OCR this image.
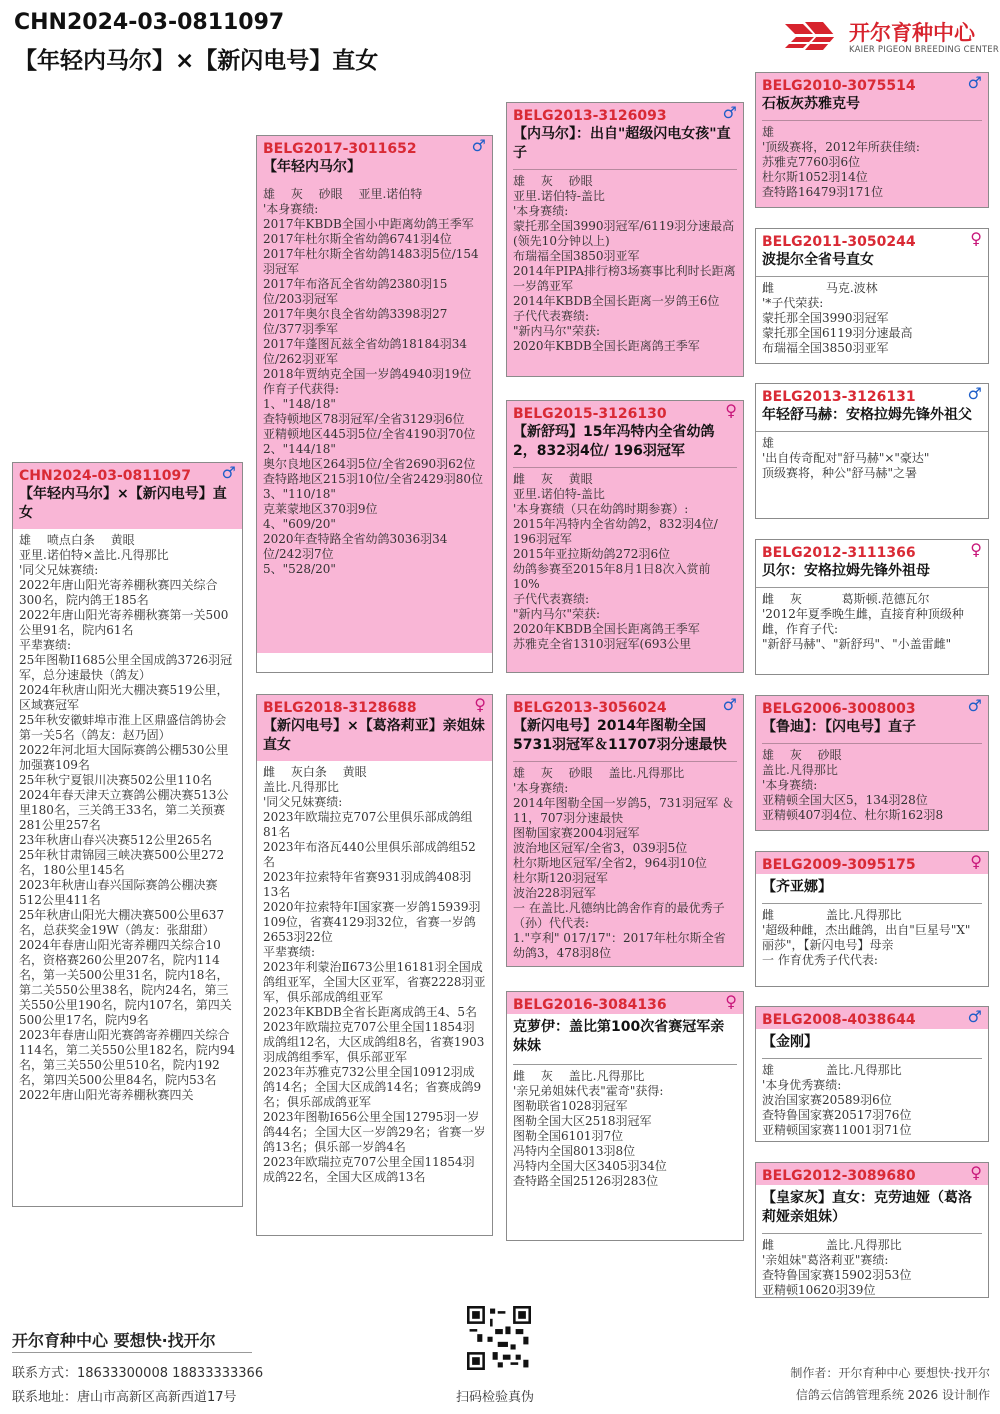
CHN2024-03-0811097
【年轻内马尔】×【新闪电号】直女
开尔育种中心
KAIER PIGEON BREEDING CENTER
CHN2024-03-0811097	♂
【年轻内马尔】×【新闪电号】直女
雄　 喷点白条　 黄眼
亚里.诺伯特×盖比.凡得那比
'同父兄妹赛绩:
2022年唐山阳光寄养棚秋赛四关综合300名，院内鸽王185名
2022年唐山阳光寄养棚秋赛第一关500公里91名，院内61名
平辈赛绩:
25年图勒I1685公里全国成鸽3726羽冠军，总分速最快（鸽友）
2024年秋唐山阳光大棚决赛519公里，区域赛冠军
25年秋安徽蚌埠市淮上区鼎盛信鸽协会第一关5名（鸽友：赵乃固）
2022年河北垣大国际赛鸽公棚530公里加强赛109名
25年秋宁夏银川决赛502公里110名
2024年春天津天立赛鸽公棚决赛513公里180名，三关鸽王33名，第二关预赛281公里257名
23年秋唐山春兴决赛512公里265名
25年秋甘肃锦园三峡决赛500公里272名，180公里145名
2023年秋唐山春兴国际赛鸽公棚决赛512公里411名
25年秋唐山阳光大棚决赛500公里637名，总获奖金19W（鸽友：张甜甜）
2024年春唐山阳光寄养棚四关综合10名，资格赛260公里207名，院内114名，第一关500公里31名，院内18名，第二关550公里38名，院内24名，第三关550公里190名，院内107名，第四关500公里17名，院内9名
2023年春唐山阳光赛鸽寄养棚四关综合114名，第二关550公里182名，院内94名，第三关550公里510名，院内192名，第四关500公里84名，院内53名
2022年唐山阳光寄养棚秋赛四关
BELG2017-3011652	♂
【年轻内马尔】
雄　 灰　 砂眼　 亚里.诺伯特
'本身赛绩:
2017年KBDB全国小中距离幼鸽王季军
2017年杜尔斯全省幼鸽6741羽4位
2017年杜尔斯全省幼鸽1483羽5位/154羽冠军
2017年布洛瓦全省幼鸽2380羽15位/203羽冠军
2017年奥尔良全省幼鸽3398羽27位/377羽季军
2017年蓬图瓦兹全省幼鸽18184羽34位/262羽亚军
2018年贾纳克全国一岁鸽4940羽19位
作育子代获得:
1、"148/18"
查特顿地区78羽冠军/全省3129羽6位
亚精顿地区445羽5位/全省4190羽70位
2、"144/18"
奥尔良地区264羽5位/全省2690羽62位
查特路地区215羽10位/全省2429羽80位
3、"110/18"
克莱蒙地区370羽9位
4、"609/20"
2020年查特路全省幼鸽3036羽34位/242羽7位
5、"528/20"
BELG2018-3128688	♀
【新闪电号】×【葛洛莉亚】亲姐妹直女
雌　 灰白条　 黄眼
盖比.凡得那比
'同父兄妹赛绩:
2023年欧瑞拉克707公里俱乐部成鸽组81名
2023年布洛瓦440公里俱乐部成鸽组52名
2023年拉索特年省赛931羽成鸽408羽13名
2020年拉索特年I国家赛一岁鸽15939羽109位，省赛4129羽32位，省赛一岁鸽2653羽22位
平辈赛绩:
2023年利蒙治Ⅱ673公里16181羽全国成鸽组亚军，全国大区亚军，省赛2228羽亚军，俱乐部成鸽组亚军
2023年KBDB全省长距离成鸽王4、5名
2023年欧瑞拉克707公里全国11854羽成鸽组12名，大区成鸽组8名，省赛1903羽成鸽组季军，俱乐部亚军
2023年苏雅克732公里全国10912羽成鸽14名；全国大区成鸽14名；省赛成鸽9名；俱乐部成鸽亚军
2023年图勒I656公里全国12795羽一岁鸽44名；全国大区一岁鸽29名；省赛一岁鸽13名；俱乐部一岁鸽4名
2023年欧瑞拉克707公里全国11854羽成鸽22名，全国大区成鸽13名
BELG2013-3126093	♂
【内马尔】：出自"超级闪电女孩"直子
雄　 灰　 砂眼
亚里.诺伯特-盖比
'本身赛绩:
蒙托那全国3990羽冠军/6119羽分速最高(领先10分钟以上)
布瑞福全国3850羽亚军
2014年PIPA排行榜3场赛事比利时长距离一岁鸽亚军
2014年KBDB全国长距离一岁鸽王6位
子代代表赛绩:
"新内马尔"荣获:
2020年KBDB全国长距离鸽王季军
BELG2015-3126130	♀
【新舒玛】15年冯特内全省幼鸽2，832羽4位/ 196羽冠军
雌　 灰　 黄眼
亚里.诺伯特-盖比
'本身赛绩（只在幼鸽时期参赛）:
2015年冯特内全省幼鸽2，832羽4位/ 196羽冠军
2015年亚拉斯幼鸽272羽6位
幼鸽参赛至2015年8月1日8次入赏前10%
子代代表赛绩:
"新内马尔"荣获:
2020年KBDB全国长距离鸽王季军
苏雅克全省1310羽冠军(693公里
BELG2013-3056024	♂
【新闪电号】2014年图勒全国5731羽冠军＆11707羽分速最快
雄　 灰　 砂眼　 盖比.凡得那比
'本身赛绩:
2014年图勒全国一岁鸽5，731羽冠军 ＆ 11，707羽分速最快
图勒国家赛2004羽冠军
波治地区冠军/全省3，039羽5位
杜尔斯地区冠军/全省2，964羽10位
杜尔斯120羽冠军
波治228羽冠军
一 在盖比.凡德纳比鸽舍作育的最优秀子（孙）代代表:
1."亨利" 017/17"：2017年杜尔斯全省幼鸽3，478羽8位
BELG2016-3084136	♀
克萝伊：盖比第100次省赛冠军亲妹妹
雌　 灰　 盖比.凡得那比
'亲兄弟姐妹代表"霍奇"获得:
图勒联省1028羽冠军
图勒全国大区2518羽冠军
图勒全国6101羽7位
冯特内全国8013羽8位
冯特内全国大区3405羽34位
查特路全国25126羽283位
BELG2010-3075514	♂
石板灰苏雅克号
雄
'顶级赛将，2012年所获佳绩:
苏雅克7760羽6位
杜尔斯1052羽14位
查特路16479羽171位
BELG2011-3050244	♀
波提尔全省号直女
雌　　　　 马克.波林
'*子代荣获:
蒙托那全国3990羽冠军
蒙托那全国6119羽分速最高
布瑞福全国3850羽亚军
BELG2013-3126131	♂
年轻舒马赫：安格拉姆先锋外祖父
雄
'出自传奇配对"舒马赫"×"豪达"
顶级赛将，种公"舒马赫"之暑
BELG2012-3111366	♀
贝尔：安格拉姆先锋外祖母
雌　 灰　　　 葛斯顿.范德瓦尔
'2012年夏季晚生雌，直接育种顶级种雌，作育子代:
"新舒马赫"、"新舒玛"、"小盖雷雌"
BELG2006-3008003	♂
【鲁迪】：【闪电号】直子
雄　 灰　 砂眼
盖比.凡得那比
'本身赛绩:
亚精顿全国大区5，134羽28位
亚精顿407羽4位、杜尔斯162羽8
BELG2009-3095175	♀
【齐亚娜】
雌　　　　 盖比.凡得那比
'超级种雌，杰出雌鸽，出自"巨星号"X" 丽莎"，【新闪电号】母亲
一 作育优秀子代代表:
BELG2008-4038644	♂
【金刚】
雄　　　　 盖比.凡得那比
'本身优秀赛绩:
波治国家赛20589羽6位
查特鲁国家赛20517羽76位
亚精顿国家赛11001羽71位
BELG2012-3089680	♀
【皇家灰】直女：克劳迪娅（葛洛莉娅亲姐妹）
雌　　　　 盖比.凡得那比
'亲姐妹"葛洛莉亚"赛绩:
查特鲁国家赛15902羽53位
亚精顿10620羽39位
开尔育种中心 要想快·找开尔
联系方式：18633300008 18833333366
联系地址：唐山市高新区高新西道17号	扫码检验真伪
制作者：开尔育种中心 要想快·找开尔
信鸽云信鸽管理系统 2026 设计制作
